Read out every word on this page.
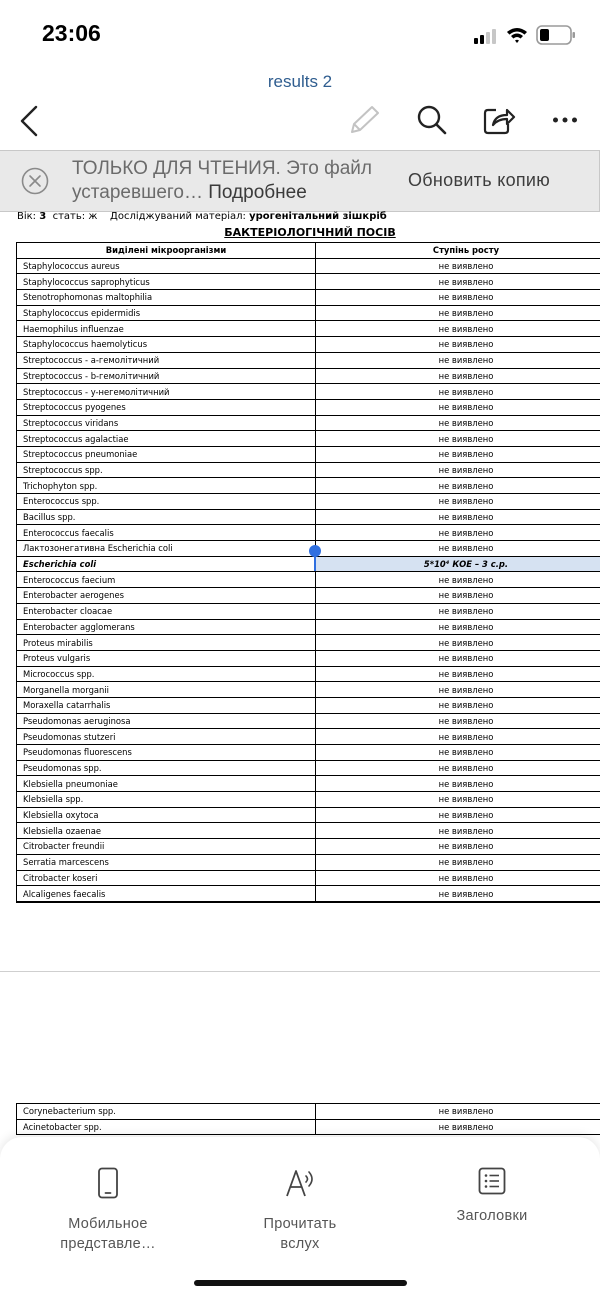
23:06
results 2
ТОЛЬКО ДЛЯ ЧТЕНИЯ. Это файл устаревшего… Подробнее
Обновить копию
Вік: 3 стать: ж Досліджуваний матеріал: урогенітальний зішкріб
БАКТЕРІОЛОГІЧНИЙ ПОСІВ
Виділені мікроорганізми	Ступінь росту
Staphylococcus aureus	не виявлено
Staphylococcus saprophyticus	не виявлено
Stenotrophomonas maltophilia	не виявлено
Staphylococcus epidermidis	не виявлено
Haemophilus influenzae	не виявлено
Staphylococcus haemolyticus	не виявлено
Streptococcus - a-гемолітичний	не виявлено
Streptococcus - b-гемолітичний	не виявлено
Streptococcus - y-негемолітичний	не виявлено
Streptococcus pyogenes	не виявлено
Streptococcus viridans	не виявлено
Streptococcus agalactiae	не виявлено
Streptococcus pneumoniae	не виявлено
Streptococcus spp.	не виявлено
Trichophyton spp.	не виявлено
Enterococcus spp.	не виявлено
Bacillus spp.	не виявлено
Enterococcus faecalis	не виявлено
Лактозонегативна Escherichia coli	не виявлено
Escherichia coli	5*10⁴ КОЕ – 3 с.р.
Enterococcus faecium	не виявлено
Enterobacter aerogenes	не виявлено
Enterobacter cloacae	не виявлено
Enterobacter agglomerans	не виявлено
Proteus mirabilis	не виявлено
Proteus vulgaris	не виявлено
Micrococcus spp.	не виявлено
Morganella morganii	не виявлено
Moraxella catarrhalis	не виявлено
Pseudomonas aeruginosa	не виявлено
Pseudomonas stutzeri	не виявлено
Pseudomonas fluorescens	не виявлено
Pseudomonas spp.	не виявлено
Klebsiella pneumoniae	не виявлено
Klebsiella spp.	не виявлено
Klebsiella oxytoca	не виявлено
Klebsiella ozaenae	не виявлено
Citrobacter freundii	не виявлено
Serratia marcescens	не виявлено
Citrobacter koseri	не виявлено
Alcaligenes faecalis	не виявлено
Corynebacterium spp.	не виявлено
Acinetobacter spp.	не виявлено
Мобильное представле…
Прочитать вслух
Заголовки
